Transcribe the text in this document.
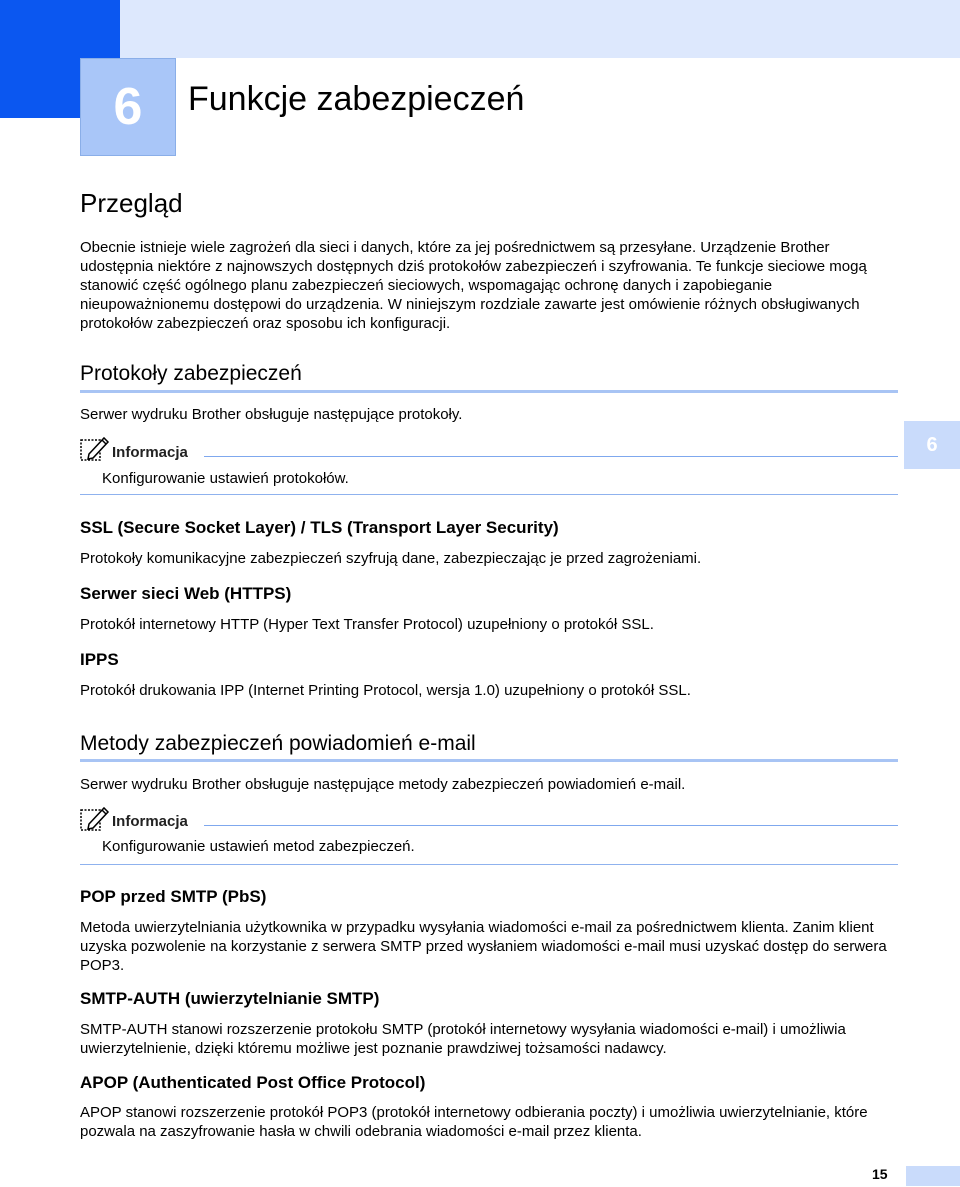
6	Funkcje zabezpieczeń
Przegląd

Obecnie istnieje wiele zagrożeń dla sieci i danych, które za jej pośrednictwem są przesyłane. Urządzenie Brother udostępnia niektóre z najnowszych dostępnych dziś protokołów zabezpieczeń i szyfrowania. Te funkcje sieciowe mogą stanowić część ogólnego planu zabezpieczeń sieciowych, wspomagając ochronę danych i zapobieganie nieupoważnionemu dostępowi do urządzenia. W niniejszym rozdziale zawarte jest omówienie różnych obsługiwanych protokołów zabezpieczeń oraz sposobu ich konfiguracji.

Protokoły zabezpieczeń

Serwer wydruku Brother obsługuje następujące protokoły.

Informacja

Konfigurowanie ustawień protokołów.

SSL (Secure Socket Layer) / TLS (Transport Layer Security)

Protokoły komunikacyjne zabezpieczeń szyfrują dane, zabezpieczając je przed zagrożeniami.

Serwer sieci Web (HTTPS)

Protokół internetowy HTTP (Hyper Text Transfer Protocol) uzupełniony o protokół SSL.

IPPS

Protokół drukowania IPP (Internet Printing Protocol, wersja 1.0) uzupełniony o protokół SSL.

Metody zabezpieczeń powiadomień e-mail

Serwer wydruku Brother obsługuje następujące metody zabezpieczeń powiadomień e-mail.

Informacja

Konfigurowanie ustawień metod zabezpieczeń.

POP przed SMTP (PbS)

Metoda uwierzytelniania użytkownika w przypadku wysyłania wiadomości e-mail za pośrednictwem klienta. Zanim klient uzyska pozwolenie na korzystanie z serwera SMTP przed wysłaniem wiadomości e-mail musi uzyskać dostęp do serwera POP3.

SMTP-AUTH (uwierzytelnianie SMTP)

SMTP-AUTH stanowi rozszerzenie protokołu SMTP (protokół internetowy wysyłania wiadomości e-mail) i umożliwia uwierzytelnienie, dzięki któremu możliwe jest poznanie prawdziwej tożsamości nadawcy.

APOP (Authenticated Post Office Protocol)

APOP stanowi rozszerzenie protokół POP3 (protokół internetowy odbierania poczty) i umożliwia uwierzytelnianie, które pozwala na zaszyfrowanie hasła w chwili odebrania wiadomości e-mail przez klienta.

6
15
